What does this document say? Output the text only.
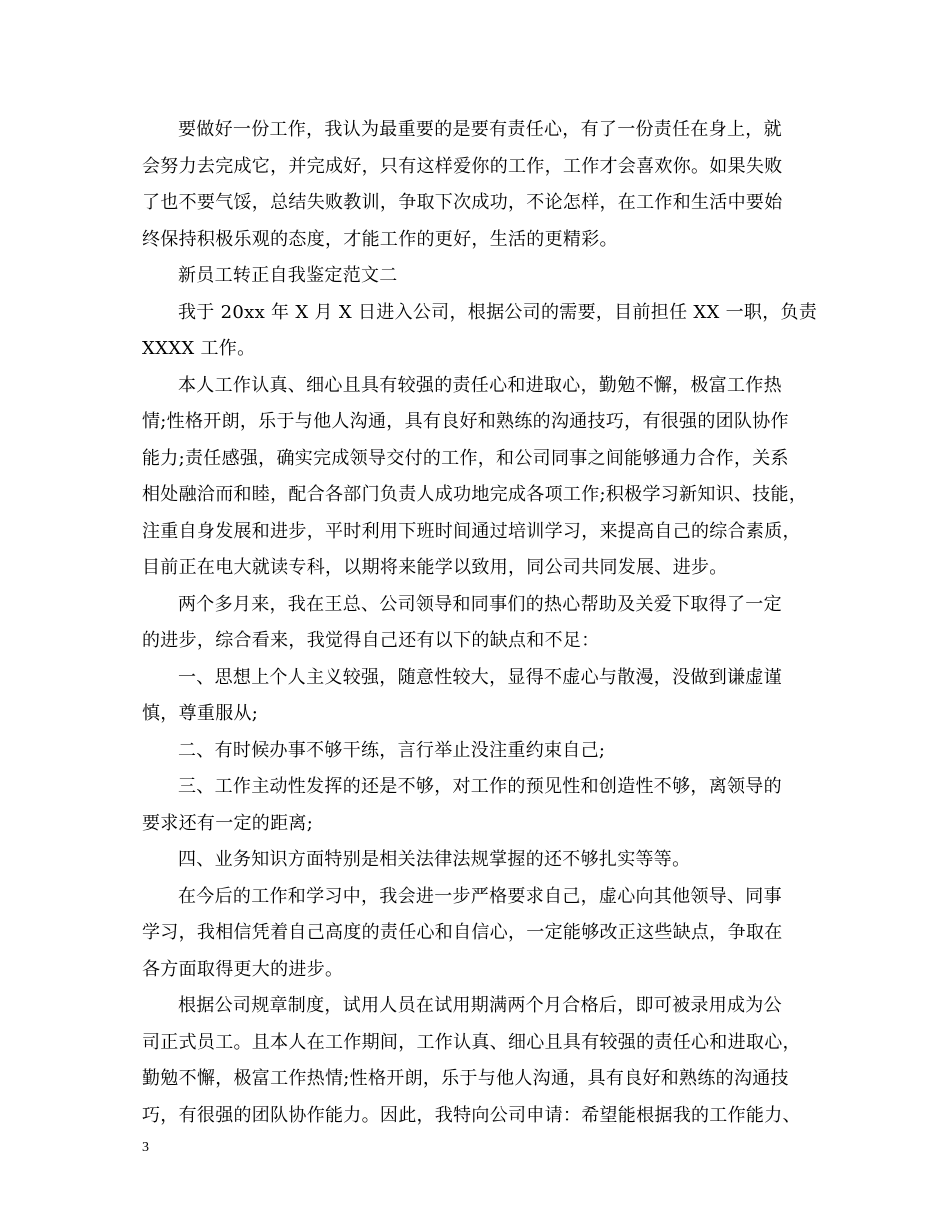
要做好一份工作，我认为最重要的是要有责任心，有了一份责任在身上，就
会努力去完成它，并完成好，只有这样爱你的工作，工作才会喜欢你。如果失败
了也不要气馁，总结失败教训，争取下次成功，不论怎样，在工作和生活中要始
终保持积极乐观的态度，才能工作的更好，生活的更精彩。

新员工转正自我鉴定范文二

我于 20xx 年 X 月 X 日进入公司，根据公司的需要，目前担任 XX 一职，负责
XXXX 工作。

本人工作认真、细心且具有较强的责任心和进取心，勤勉不懈，极富工作热
情;性格开朗，乐于与他人沟通，具有良好和熟练的沟通技巧，有很强的团队协作
能力;责任感强，确实完成领导交付的工作，和公司同事之间能够通力合作，关系
相处融洽而和睦，配合各部门负责人成功地完成各项工作;积极学习新知识、技能，
注重自身发展和进步，平时利用下班时间通过培训学习，来提高自己的综合素质，
目前正在电大就读专科，以期将来能学以致用，同公司共同发展、进步。

两个多月来，我在王总、公司领导和同事们的热心帮助及关爱下取得了一定
的进步，综合看来，我觉得自己还有以下的缺点和不足：

一、思想上个人主义较强，随意性较大，显得不虚心与散漫，没做到谦虚谨
慎，尊重服从;

二、有时候办事不够干练，言行举止没注重约束自己;

三、工作主动性发挥的还是不够，对工作的预见性和创造性不够，离领导的
要求还有一定的距离;

四、业务知识方面特别是相关法律法规掌握的还不够扎实等等。

在今后的工作和学习中，我会进一步严格要求自己，虚心向其他领导、同事
学习，我相信凭着自己高度的责任心和自信心，一定能够改正这些缺点，争取在
各方面取得更大的进步。

根据公司规章制度，试用人员在试用期满两个月合格后，即可被录用成为公
司正式员工。且本人在工作期间，工作认真、细心且具有较强的责任心和进取心，
勤勉不懈，极富工作热情;性格开朗，乐于与他人沟通，具有良好和熟练的沟通技
巧，有很强的团队协作能力。因此，我特向公司申请：希望能根据我的工作能力、

3
